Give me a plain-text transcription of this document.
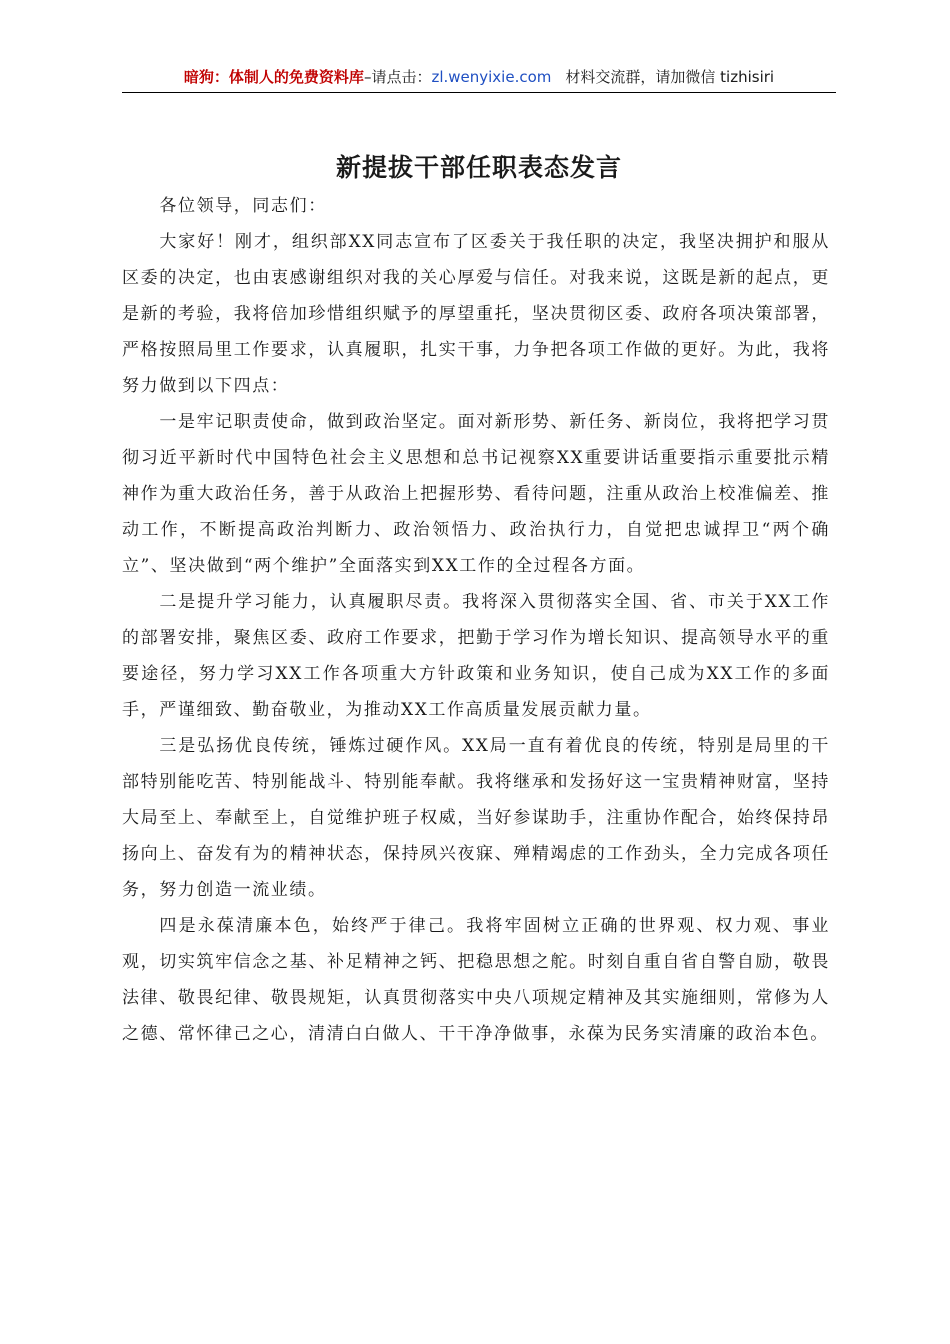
暗狗：体制人的免费资料库–请点击：zl.wenyixie.com 材料交流群，请加微信 tizhisiri
新提拔干部任职表态发言

各位领导，同志们：

大家好！刚才，组织部XX同志宣布了区委关于我任职的决定，我坚决拥护和服从区委的决定，也由衷感谢组织对我的关心厚爱与信任。对我来说，这既是新的起点，更是新的考验，我将倍加珍惜组织赋予的厚望重托，坚决贯彻区委、政府各项决策部署，严格按照局里工作要求，认真履职，扎实干事，力争把各项工作做的更好。为此，我将努力做到以下四点：

一是牢记职责使命，做到政治坚定。面对新形势、新任务、新岗位，我将把学习贯彻习近平新时代中国特色社会主义思想和总书记视察XX重要讲话重要指示重要批示精神作为重大政治任务，善于从政治上把握形势、看待问题，注重从政治上校准偏差、推动工作，不断提高政治判断力、政治领悟力、政治执行力，自觉把忠诚捍卫“两个确立”、坚决做到“两个维护”全面落实到XX工作的全过程各方面。

二是提升学习能力，认真履职尽责。我将深入贯彻落实全国、省、市关于XX工作的部署安排，聚焦区委、政府工作要求，把勤于学习作为增长知识、提高领导水平的重要途径，努力学习XX工作各项重大方针政策和业务知识，使自己成为XX工作的多面手，严谨细致、勤奋敬业，为推动XX工作高质量发展贡献力量。

三是弘扬优良传统，锤炼过硬作风。XX局一直有着优良的传统，特别是局里的干部特别能吃苦、特别能战斗、特别能奉献。我将继承和发扬好这一宝贵精神财富，坚持大局至上、奉献至上，自觉维护班子权威，当好参谋助手，注重协作配合，始终保持昂扬向上、奋发有为的精神状态，保持夙兴夜寐、殚精竭虑的工作劲头，全力完成各项任务，努力创造一流业绩。

四是永葆清廉本色，始终严于律己。我将牢固树立正确的世界观、权力观、事业观，切实筑牢信念之基、补足精神之钙、把稳思想之舵。时刻自重自省自警自励，敬畏法律、敬畏纪律、敬畏规矩，认真贯彻落实中央八项规定精神及其实施细则，常修为人之德、常怀律己之心，清清白白做人、干干净净做事，永葆为民务实清廉的政治本色。
